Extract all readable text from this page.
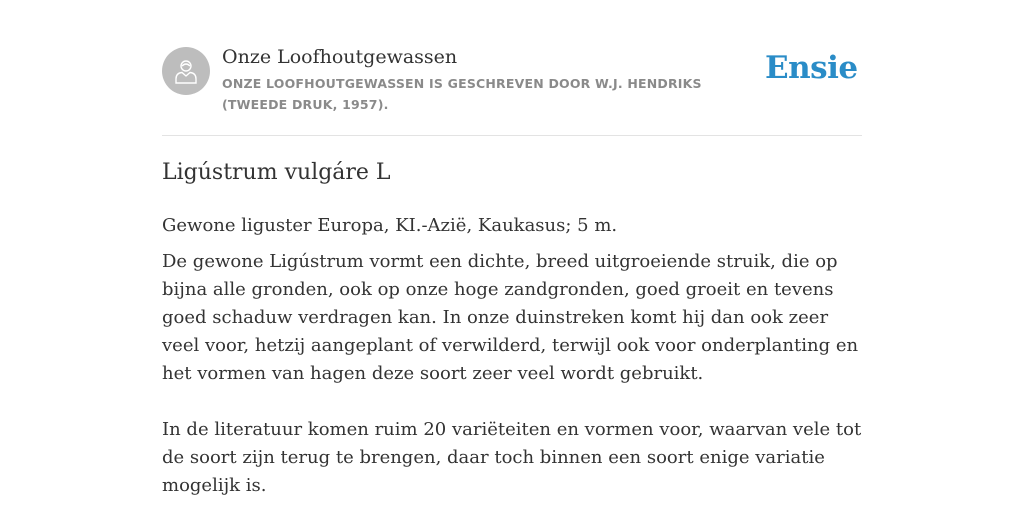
Onze Loofhoutgewassen
ONZE LOOFHOUTGEWASSEN IS GESCHREVEN DOOR W.J. HENDRIKS (TWEEDE DRUK, 1957).
Ensie
Ligústrum vulgáre L

Gewone liguster Europa, KI.-Azië, Kaukasus; 5 m.

De gewone Ligústrum vormt een dichte, breed uitgroeiende struik, die op bijna alle gronden, ook op onze hoge zandgronden, goed groeit en tevens goed schaduw verdragen kan. In onze duinstreken komt hij dan ook zeer veel voor, hetzij aangeplant of verwilderd, terwijl ook voor onderplanting en het vormen van hagen deze soort zeer veel wordt gebruikt.

In de literatuur komen ruim 20 variëteiten en vormen voor, waarvan vele tot de soort zijn terug te brengen, daar toch binnen een soort enige variatie mogelijk is.
